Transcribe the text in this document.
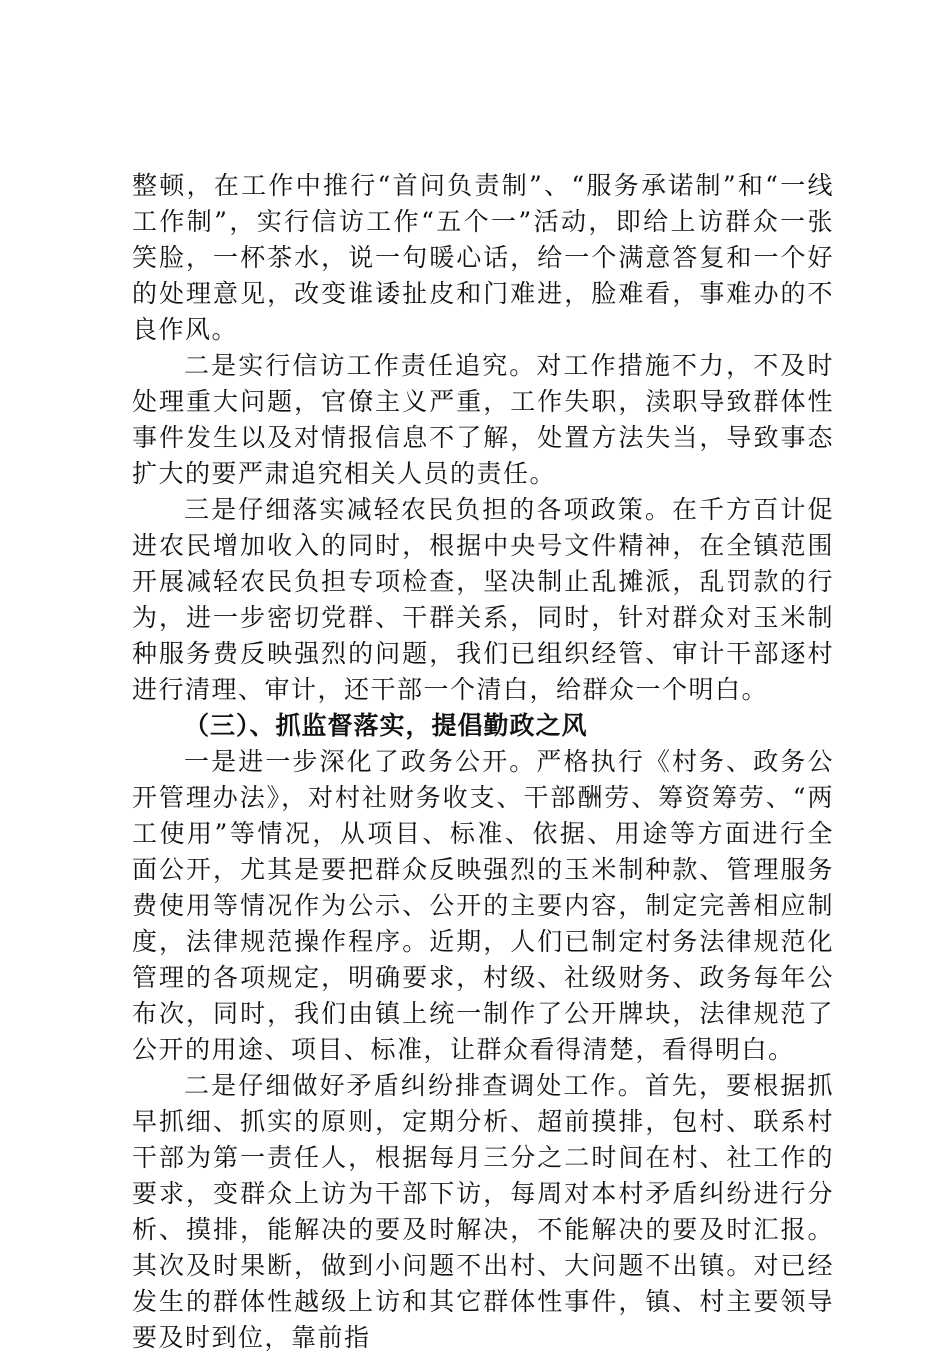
整顿，在工作中推行“首问负责制”、“服务承诺制”和“一线工作制”，实行信访工作“五个一”活动，即给上访群众一张笑脸，一杯茶水，说一句暖心话，给一个满意答复和一个好的处理意见，改变谁诿扯皮和门难进，脸难看，事难办的不良作风。

二是实行信访工作责任追究。对工作措施不力，不及时处理重大问题，官僚主义严重，工作失职，渎职导致群体性事件发生以及对情报信息不了解，处置方法失当，导致事态扩大的要严肃追究相关人员的责任。

三是仔细落实减轻农民负担的各项政策。在千方百计促进农民增加收入的同时，根据中央号文件精神，在全镇范围开展减轻农民负担专项检查，坚决制止乱摊派，乱罚款的行为，进一步密切党群、干群关系，同时，针对群众对玉米制种服务费反映强烈的问题，我们已组织经管、审计干部逐村进行清理、审计，还干部一个清白，给群众一个明白。

（三）、抓监督落实，提倡勤政之风

一是进一步深化了政务公开。严格执行《村务、政务公开管理办法》，对村社财务收支、干部酬劳、筹资筹劳、“两工使用”等情况，从项目、标准、依据、用途等方面进行全面公开，尤其是要把群众反映强烈的玉米制种款、管理服务费使用等情况作为公示、公开的主要内容，制定完善相应制度，法律规范操作程序。近期，人们已制定村务法律规范化管理的各项规定，明确要求，村级、社级财务、政务每年公布次，同时，我们由镇上统一制作了公开牌块，法律规范了公开的用途、项目、标准，让群众看得清楚，看得明白。

二是仔细做好矛盾纠纷排查调处工作。首先，要根据抓早抓细、抓实的原则，定期分析、超前摸排，包村、联系村干部为第一责任人，根据每月三分之二时间在村、社工作的要求，变群众上访为干部下访，每周对本村矛盾纠纷进行分析、摸排，能解决的要及时解决，不能解决的要及时汇报。其次及时果断，做到小问题不出村、大问题不出镇。对已经发生的群体性越级上访和其它群体性事件，镇、村主要领导要及时到位，靠前指
